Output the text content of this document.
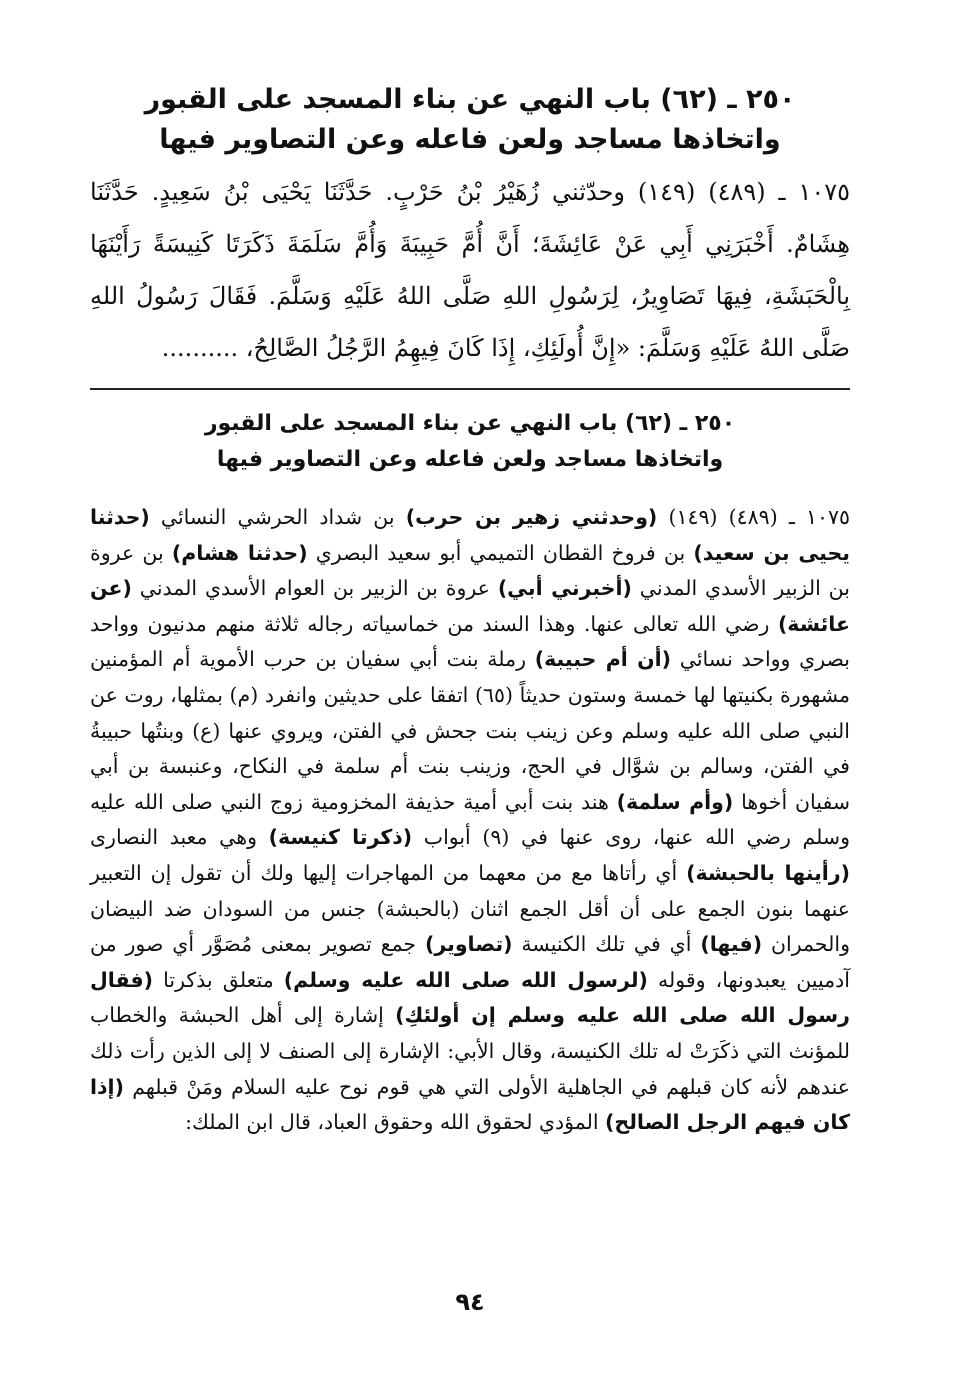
٢٥٠ ـ (٦٢) باب النهي عن بناء المسجد على القبور
واتخاذها مساجد ولعن فاعله وعن التصاوير فيها

١٠٧٥ ـ (٤٨٩) (١٤٩) وحدّثني زُهَيْرُ بْنُ حَرْبٍ. حَدَّثَنَا يَحْيَى بْنُ سَعِيدٍ. حَدَّثَنَا هِشَامٌ. أَخْبَرَنِي أَبِي عَنْ عَائِشَةَ؛ أَنَّ أُمَّ حَبِيبَةَ وَأُمَّ سَلَمَةَ ذَكَرَتَا كَنِيسَةً رَأَيْنَهَا بِالْحَبَشَةِ، فِيهَا تَصَاوِيرُ، لِرَسُولِ اللهِ صَلَّى اللهُ عَلَيْهِ وَسَلَّمَ. فَقَالَ رَسُولُ اللهِ صَلَّى اللهُ عَلَيْهِ وَسَلَّمَ: «إِنَّ أُولَئِكِ، إِذَا كَانَ فِيهِمُ الرَّجُلُ الصَّالِحُ، ..........

٢٥٠ ـ (٦٢) باب النهي عن بناء المسجد على القبور
واتخاذها مساجد ولعن فاعله وعن التصاوير فيها

١٠٧٥ ـ (٤٨٩) (١٤٩) (وحدثني زهير بن حرب) بن شداد الحرشي النسائي (حدثنا يحيى بن سعيد) بن فروخ القطان التميمي أبو سعيد البصري (حدثنا هشام) بن عروة بن الزبير الأسدي المدني (أخبرني أبي) عروة بن الزبير بن العوام الأسدي المدني (عن عائشة) رضي الله تعالى عنها. وهذا السند من خماسياته رجاله ثلاثة منهم مدنيون وواحد بصري وواحد نسائي (أن أم حبيبة) رملة بنت أبي سفيان بن حرب الأموية أم المؤمنين مشهورة بكنيتها لها خمسة وستون حديثاً (٦٥) اتفقا على حديثين وانفرد (م) بمثلها، روت عن النبي صلى الله عليه وسلم وعن زينب بنت جحش في الفتن، ويروي عنها (ع) وبنتُها حبيبةُ في الفتن، وسالم بن شوَّال في الحج، وزينب بنت أم سلمة في النكاح، وعنبسة بن أبي سفيان أخوها (وأم سلمة) هند بنت أبي أمية حذيفة المخزومية زوج النبي صلى الله عليه وسلم رضي الله عنها، روى عنها في (٩) أبواب (ذكرتا كنيسة) وهي معبد النصارى (رأينها بالحبشة) أي رأتاها مع من معهما من المهاجرات إليها ولك أن تقول إن التعبير عنهما بنون الجمع على أن أقل الجمع اثنان (بالحبشة) جنس من السودان ضد البيضان والحمران (فيها) أي في تلك الكنيسة (تصاوير) جمع تصوير بمعنى مُصَوَّر أي صور من آدميين يعبدونها، وقوله (لرسول الله صلى الله عليه وسلم) متعلق بذكرتا (فقال رسول الله صلى الله عليه وسلم إن أولئكِ) إشارة إلى أهل الحبشة والخطاب للمؤنث التي ذكَرَتْ له تلك الكنيسة، وقال الأبي: الإشارة إلى الصنف لا إلى الذين رأت ذلك عندهم لأنه كان قبلهم في الجاهلية الأولى التي هي قوم نوح عليه السلام ومَنْ قبلهم (إذا كان فيهم الرجل الصالح) المؤدي لحقوق الله وحقوق العباد، قال ابن الملك:

٩٤
